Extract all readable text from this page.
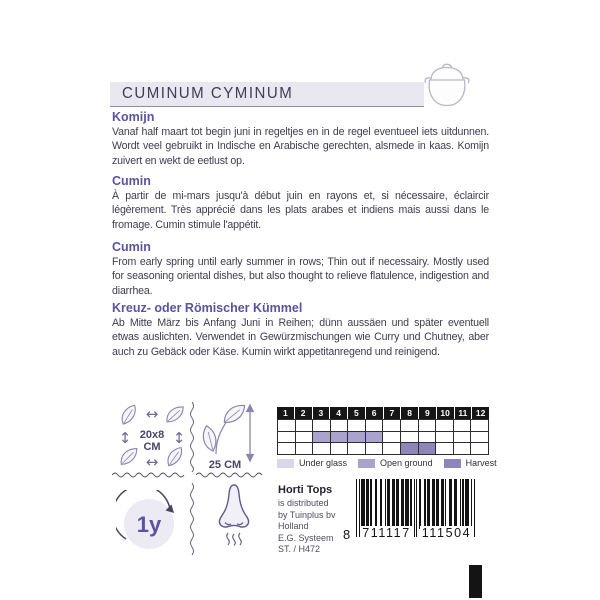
CUMINUM CYMINUM
Komijn

Vanaf half maart tot begin juni in regeltjes en in de regel eventueel iets uitdunnen. Wordt veel gebruikt in Indische en Arabische gerechten, alsmede in kaas. Komijn zuivert en wekt de eetlust op.

Cumin

À partir de mi-mars jusqu'à début juin en rayons et, si nécessaire, éclaircir légèrement. Très apprécié dans les plats arabes et indiens mais aussi dans le fromage. Cumin stimule l'appétit.

Cumin

From early spring until early summer in rows; Thin out if necessairy. Mostly used for seasoning oriental dishes, but also thought to relieve flatulence, indigestion and diarrhea.

Kreuz- oder Römischer Kümmel

Ab Mitte März bis Anfang Juni in Reihen; dünn aussäen und später eventuell etwas auslichten. Verwendet in Gewürzmischungen wie Curry und Chutney, aber auch zu Gebäck oder Käse. Kumin wirkt appetitanregend und reinigend.

↔
↔
↕	↕
20x8
CM
25 CM
1	2	3	4	5	6	7	8	9	10	11	12
Under glass	Open ground	Harvest
1y
Horti Tops
is distributed
by Tuinplus bv
Holland
E.G. Systeem
ST. / H472
8 711117 111504
